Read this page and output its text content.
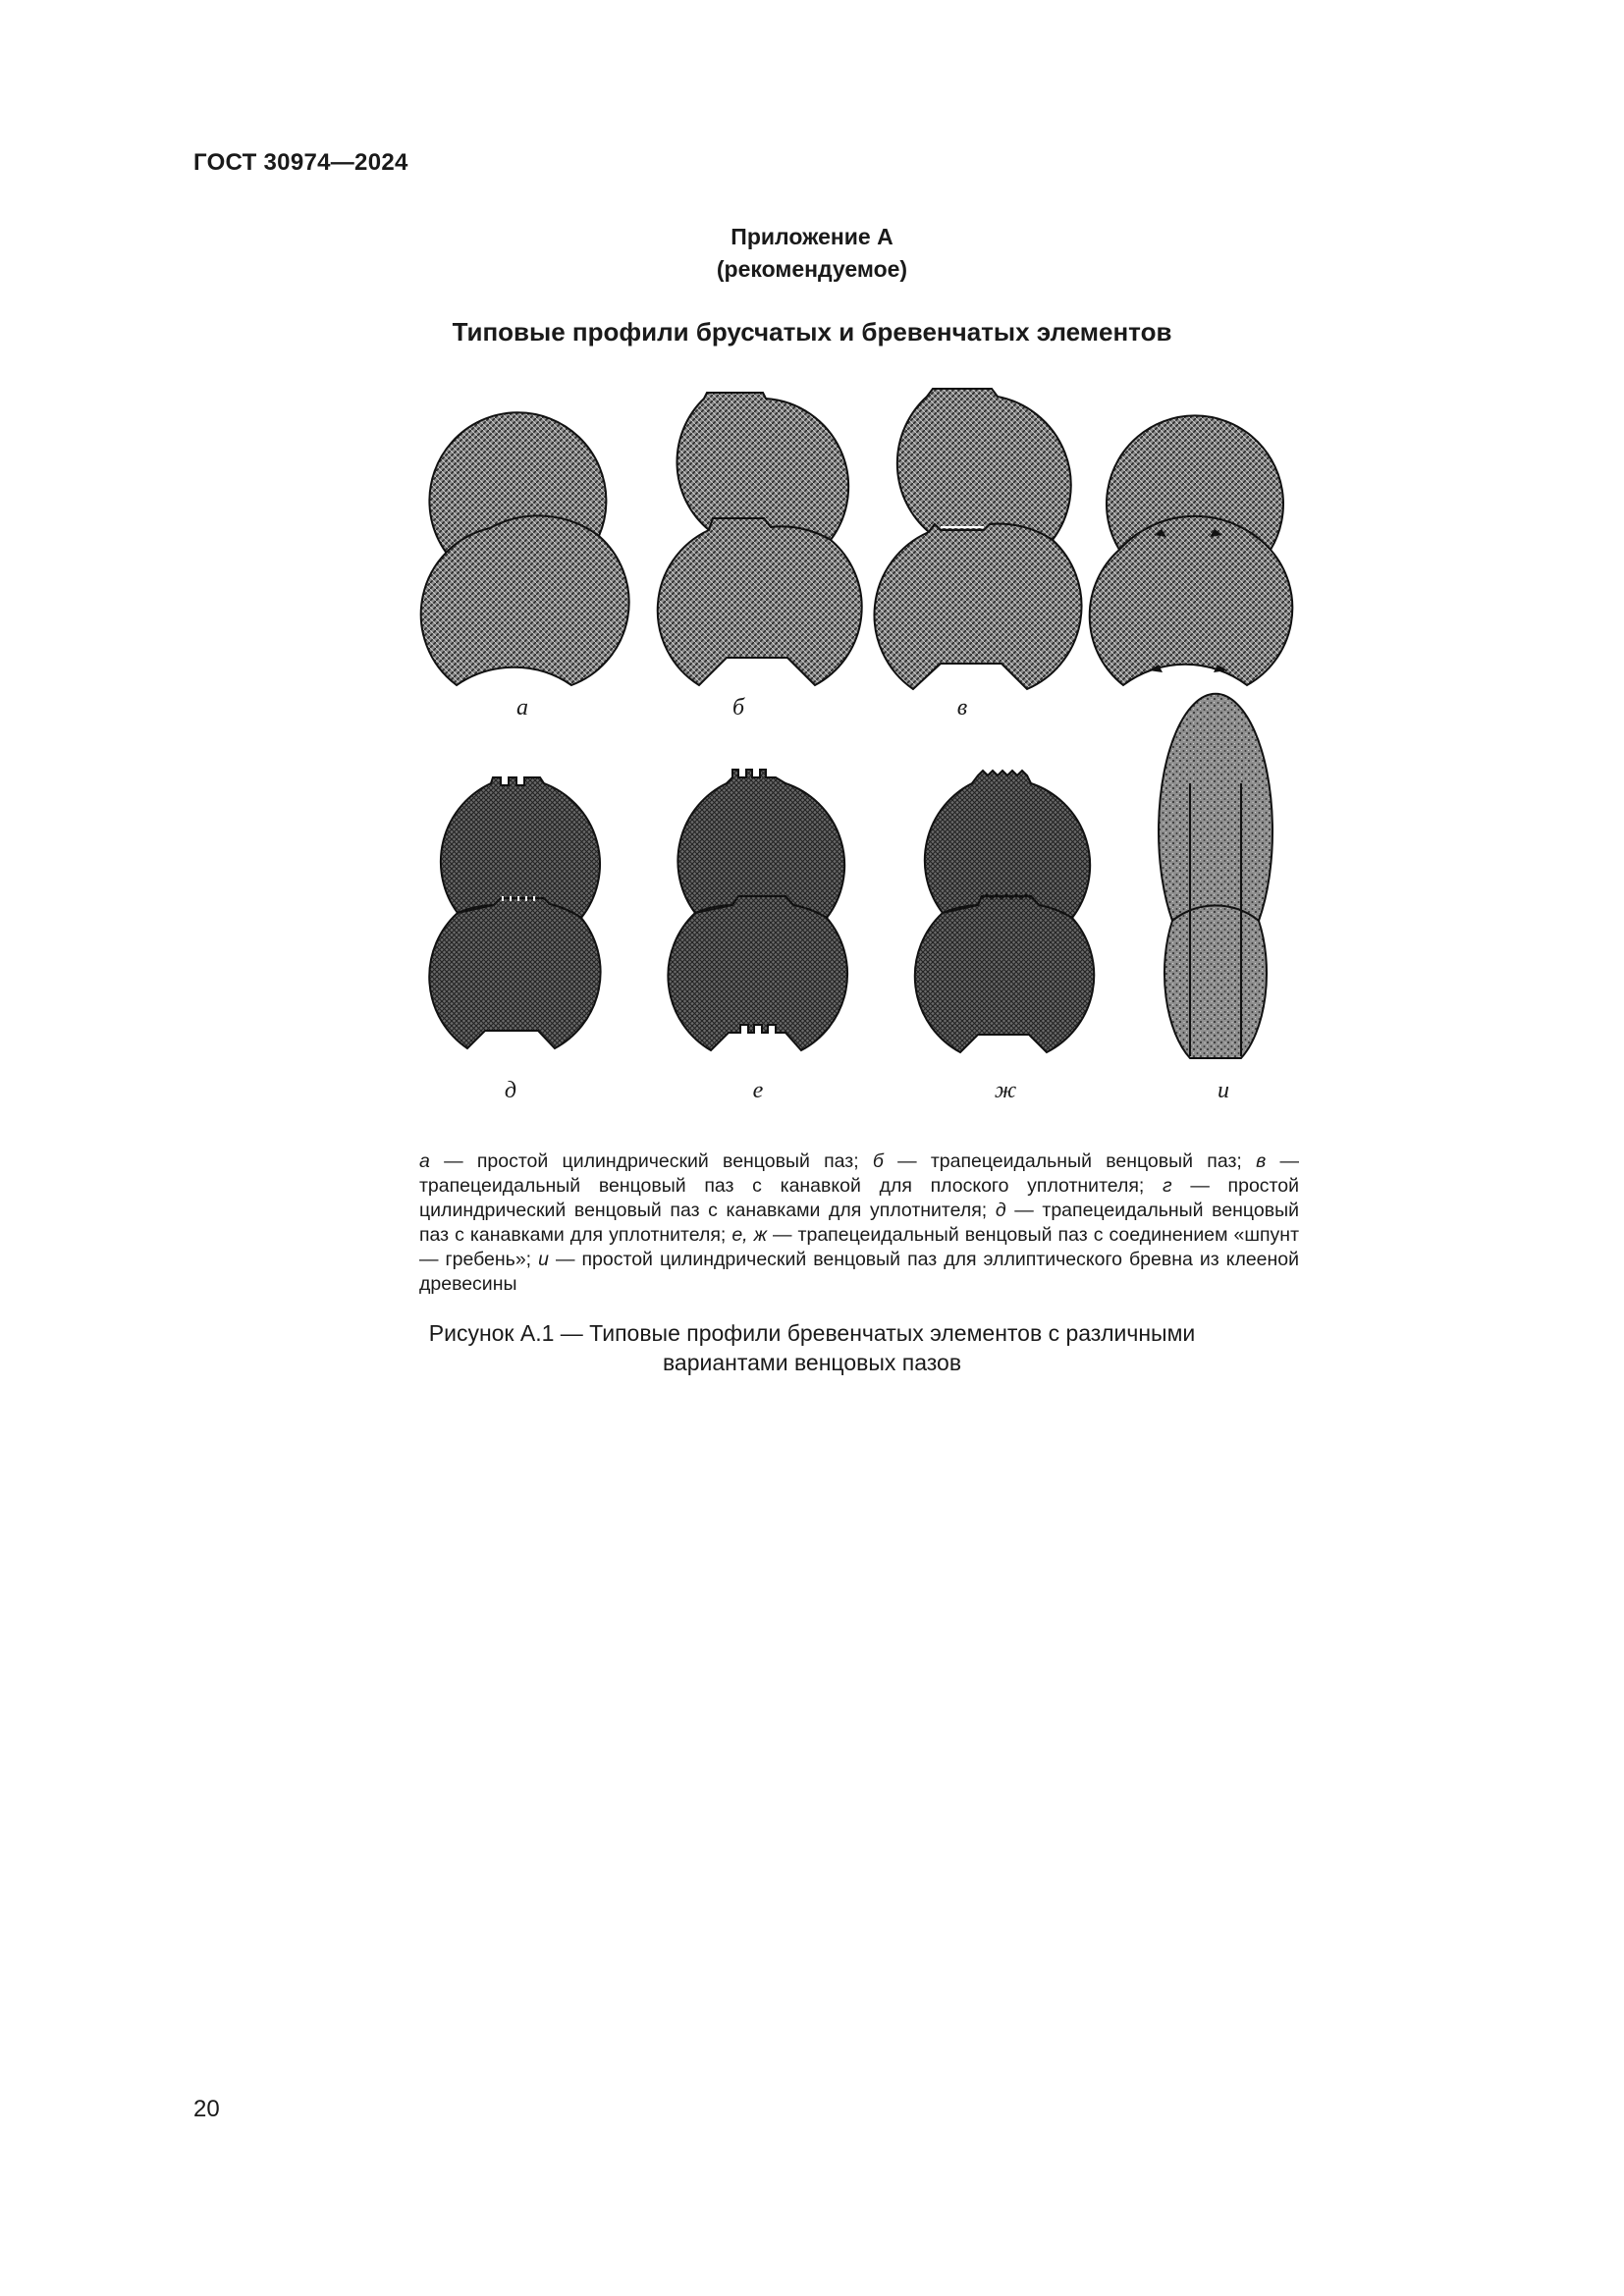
ГОСТ 30974—2024
Приложение А
(рекомендуемое)
Типовые профили брусчатых и бревенчатых элементов
а	б	в
д	е	ж	и
а — простой цилиндрический венцовый паз; б — трапецеидальный венцовый паз; в — трапецеидальный венцовый паз с канавкой для плоского уплотнителя; г — простой цилиндрический венцовый паз с канавками для уплотнителя; д — трапецеидальный венцовый паз с канавками для уплотнителя; е, ж — трапецеидальный венцовый паз с соединением «шпунт — гребень»; и — простой цилиндрический венцовый паз для эллиптического бревна из клееной древесины
Рисунок А.1 — Типовые профили бревенчатых элементов с различными
вариантами венцовых пазов
20
